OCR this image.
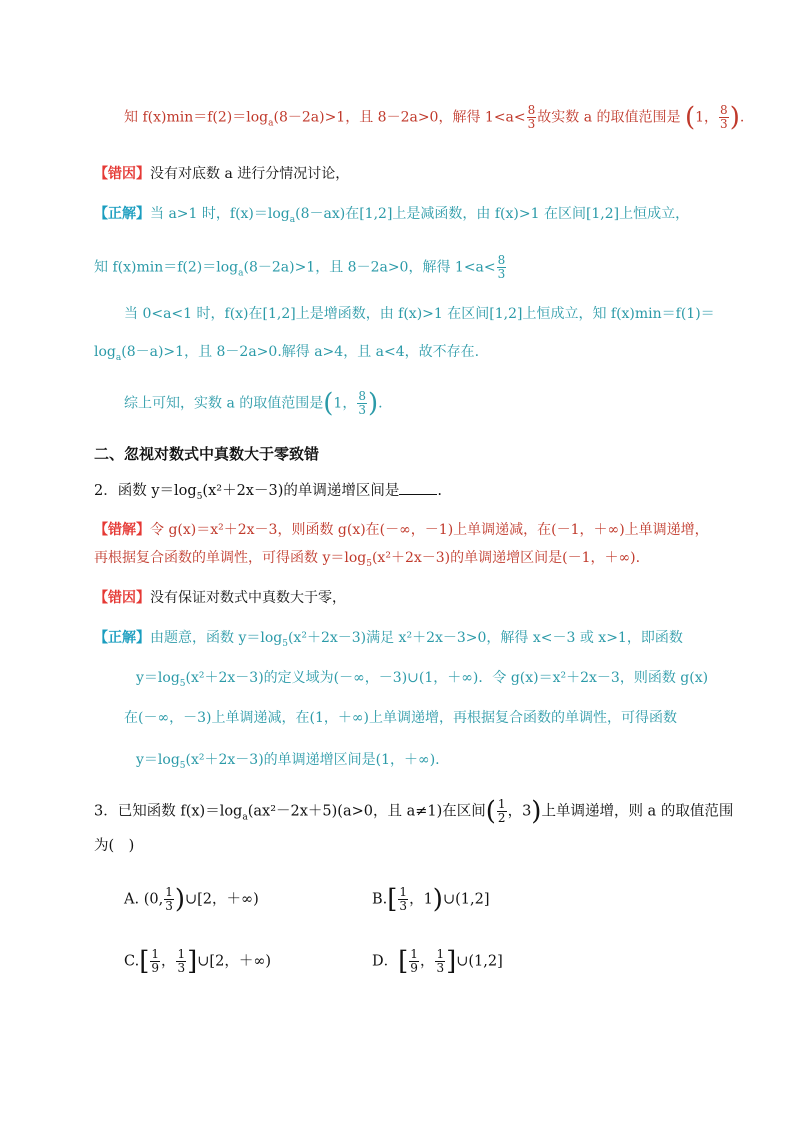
知 $f(x)\min=f(2)=\log_a(8-2a)>1$，且 8－2a>0，解得 $1<a< \frac{8}{3}$ 故实数 a 的取值范围是 (1， $\frac{8}{3}$ ).
【错因】没有对底数 a 进行分情况讨论，
【正解】当 a>1 时，$f(x)=\log_a(8-ax)$在[1,2]上是减函数，由 f(x)>1 在区间[1,2]上恒成立，
知 $f(x)\min=f(2)=\log_a(8-2a)>1$，且 8－2a>0，解得 $1<a< \frac{8}{3}$
当 0<a<1 时，f(x)在[1,2]上是增函数，由 f(x)>1 在区间[1,2]上恒成立，知 f(x)min＝f(1)＝
$\log_a(8-a)>1$，且 8－2a>0.解得 a>4，且 a<4，故不存在.
综上可知，实数 a 的取值范围是(1， $\frac{8}{3}$ ).
二、忽视对数式中真数大于零致错
2．函数 $y=\log_5(x^2+2x-3)$的单调递增区间是	.
【错解】令 g(x)＝x²＋2x－3，则函数 g(x)在(－∞，－1)上单调递减，在(－1，＋∞)上单调递增，
再根据复合函数的单调性，可得函数 $y=\log_5(x^2+2x-3)$的单调递增区间是(－1，＋∞).
【错因】没有保证对数式中真数大于零，
【正解】由题意，函数 $y=\log_5(x^2+2x-3)$满足 x²＋2x－3>0，解得 x<－3 或 x>1，即函数
$y=\log_5(x^2+2x-3)$的定义域为(－∞，－3)∪(1，＋∞)．令 g(x)＝x²＋2x－3，则函数 g(x)
在(－∞，－3)上单调递减，在(1，＋∞)上单调递增，再根据复合函数的单调性，可得函数
$y=\log_5(x^2+2x-3)$的单调递增区间是(1，＋∞).
3．已知函数 $f(x)=\log_a(ax^2-2x+5)(a>0$，且 a≠1)在区间( $\frac{1}{2}$ ，3)上单调递增，则 a 的取值范围
为(　)
A. (0, $\frac{1}{3}$ )∪[2，＋∞)	$B.[ \frac{1}{3}$ ，1)∪(1,2]
$C.[ \frac{1}{9}$ ， $\frac{1}{3}$ ]∪[2，＋∞)	D．[ $\frac{1}{9}$ ， $\frac{1}{3}$ ]∪(1,2]
